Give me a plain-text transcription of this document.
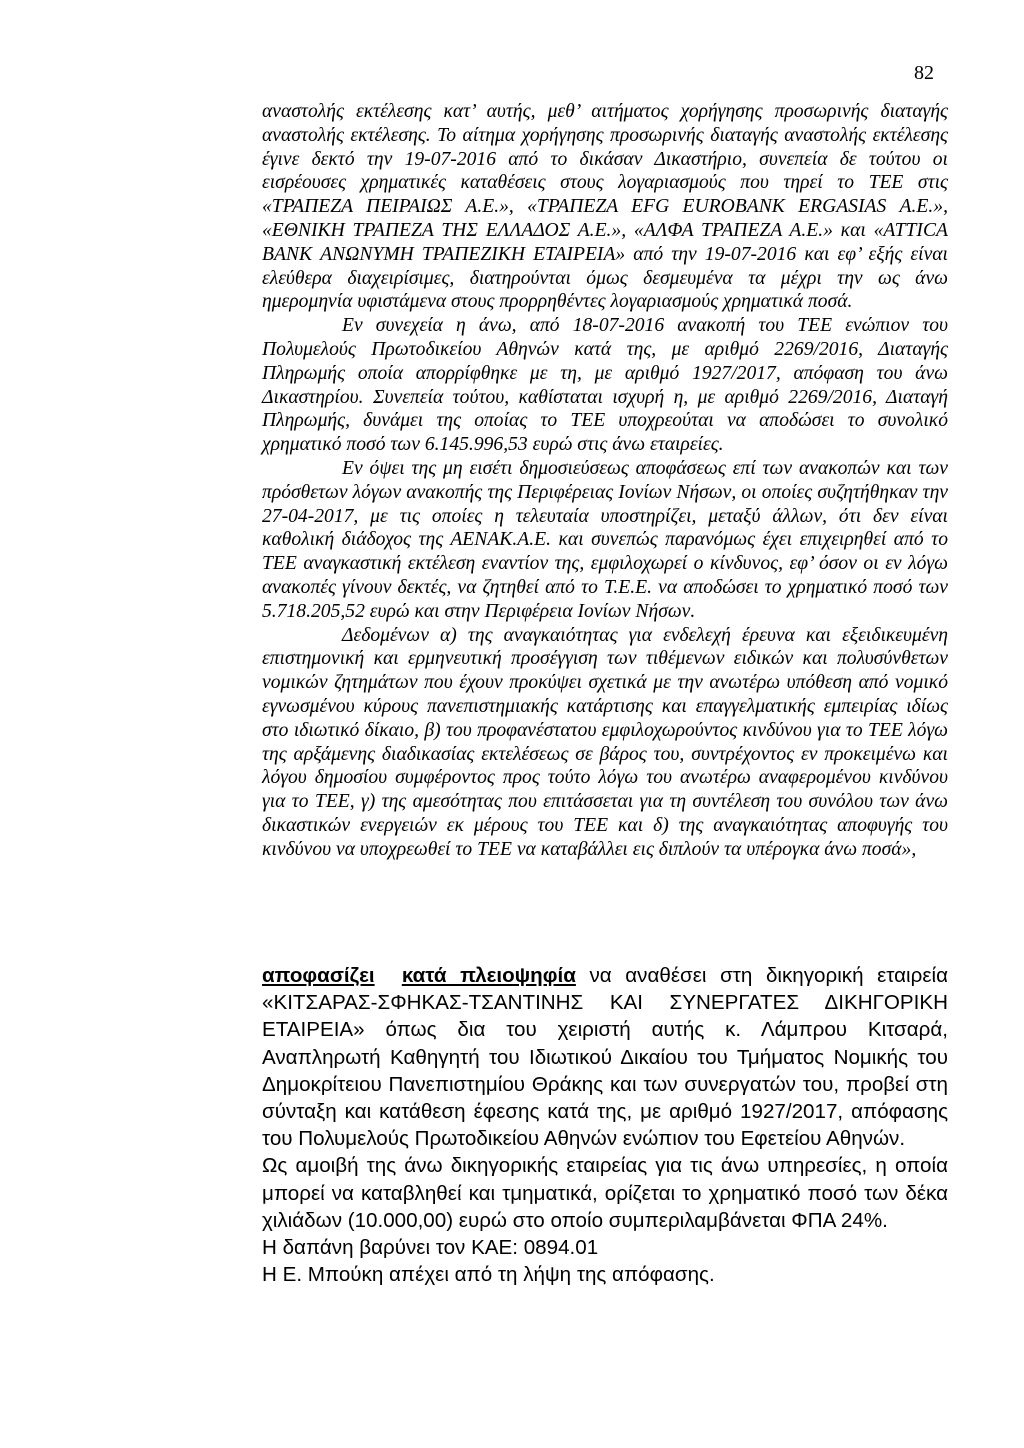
82

αναστολής εκτέλεσης κατ’ αυτής, μεθ’ αιτήματος χορήγησης προσωρινής διαταγής αναστολής εκτέλεσης. Το αίτημα χορήγησης προσωρινής διαταγής αναστολής εκτέλεσης έγινε δεκτό την 19-07-2016 από το δικάσαν Δικαστήριο, συνεπεία δε τούτου οι εισρέουσες χρηματικές καταθέσεις στους λογαριασμούς που τηρεί το ΤΕΕ στις «ΤΡΑΠΕΖΑ ΠΕΙΡΑΙΩΣ Α.Ε.», «ΤΡΑΠΕΖΑ EFG EUROBANK ERGASIAS Α.Ε.», «ΕΘΝΙΚΗ ΤΡΑΠΕΖΑ ΤΗΣ ΕΛΛΑΔΟΣ Α.Ε.», «ΑΛΦΑ ΤΡΑΠΕΖΑ Α.Ε.» και «ATTICA BANK ΑΝΩΝΥΜΗ ΤΡΑΠΕΖΙΚΗ ΕΤΑΙΡΕΙΑ» από την 19-07-2016 και εφ’ εξής είναι ελεύθερα διαχειρίσιμες, διατηρούνται όμως δεσμευμένα τα μέχρι την ως άνω ημερομηνία υφιστάμενα στους προρρηθέντες λογαριασμούς χρηματικά ποσά.

Εν συνεχεία η άνω, από 18-07-2016 ανακοπή του ΤΕΕ ενώπιον του Πολυμελούς Πρωτοδικείου Αθηνών κατά της, με αριθμό 2269/2016, Διαταγής Πληρωμής οποία απορρίφθηκε με τη, με αριθμό 1927/2017, απόφαση του άνω Δικαστηρίου. Συνεπεία τούτου, καθίσταται ισχυρή η, με αριθμό 2269/2016, Διαταγή Πληρωμής, δυνάμει της οποίας το ΤΕΕ υποχρεούται να αποδώσει το συνολικό χρηματικό ποσό των 6.145.996,53 ευρώ στις άνω εταιρείες.

Εν όψει της μη εισέτι δημοσιεύσεως αποφάσεως επί των ανακοπών και των πρόσθετων λόγων ανακοπής της Περιφέρειας Ιονίων Νήσων, οι οποίες συζητήθηκαν την 27-04-2017, με τις οποίες η τελευταία υποστηρίζει, μεταξύ άλλων, ότι δεν είναι καθολική διάδοχος της ΑΕΝΑΚ.Α.Ε. και συνεπώς παρανόμως έχει επιχειρηθεί από το ΤΕΕ αναγκαστική εκτέλεση εναντίον της, εμφιλοχωρεί ο κίνδυνος, εφ’ όσον οι εν λόγω ανακοπές γίνουν δεκτές, να ζητηθεί από το Τ.Ε.Ε. να αποδώσει το χρηματικό ποσό των 5.718.205,52 ευρώ και στην Περιφέρεια Ιονίων Νήσων.

Δεδομένων α) της αναγκαιότητας για ενδελεχή έρευνα και εξειδικευμένη επιστημονική και ερμηνευτική προσέγγιση των τιθέμενων ειδικών και πολυσύνθετων νομικών ζητημάτων που έχουν προκύψει σχετικά με την ανωτέρω υπόθεση από νομικό εγνωσμένου κύρους πανεπιστημιακής κατάρτισης και επαγγελματικής εμπειρίας ιδίως στο ιδιωτικό δίκαιο, β) του προφανέστατου εμφιλοχωρούντος κινδύνου για το ΤΕΕ λόγω της αρξάμενης διαδικασίας εκτελέσεως σε βάρος του, συντρέχοντος εν προκειμένω και λόγου δημοσίου συμφέροντος προς τούτο λόγω του ανωτέρω αναφερομένου κινδύνου για το ΤΕΕ, γ) της αμεσότητας που επιτάσσεται για τη συντέλεση του συνόλου των άνω δικαστικών ενεργειών εκ μέρους του ΤΕΕ και δ) της αναγκαιότητας αποφυγής του κινδύνου να υποχρεωθεί το ΤΕΕ να καταβάλλει εις διπλούν τα υπέρογκα άνω ποσά»,

αποφασίζει κατά πλειοψηφία να αναθέσει στη δικηγορική εταιρεία «ΚΙΤΣΑΡΑΣ-ΣΦΗΚΑΣ-ΤΣΑΝΤΙΝΗΣ ΚΑΙ ΣΥΝΕΡΓΑΤΕΣ ΔΙΚΗΓΟΡΙΚΗ ΕΤΑΙΡΕΙΑ» όπως δια του χειριστή αυτής κ. Λάμπρου Κιτσαρά, Αναπληρωτή Καθηγητή του Ιδιωτικού Δικαίου του Τμήματος Νομικής του Δημοκρίτειου Πανεπιστημίου Θράκης και των συνεργατών του, προβεί στη σύνταξη και κατάθεση έφεσης κατά της, με αριθμό 1927/2017, απόφασης του Πολυμελούς Πρωτοδικείου Αθηνών ενώπιον του Εφετείου Αθηνών.

Ως αμοιβή της άνω δικηγορικής εταιρείας για τις άνω υπηρεσίες, η οποία μπορεί να καταβληθεί και τμηματικά, ορίζεται το χρηματικό ποσό των δέκα χιλιάδων (10.000,00) ευρώ στο οποίο συμπεριλαμβάνεται ΦΠΑ 24%.

Η δαπάνη βαρύνει τον ΚΑΕ: 0894.01

Η Ε. Μπούκη απέχει από τη λήψη της απόφασης.
